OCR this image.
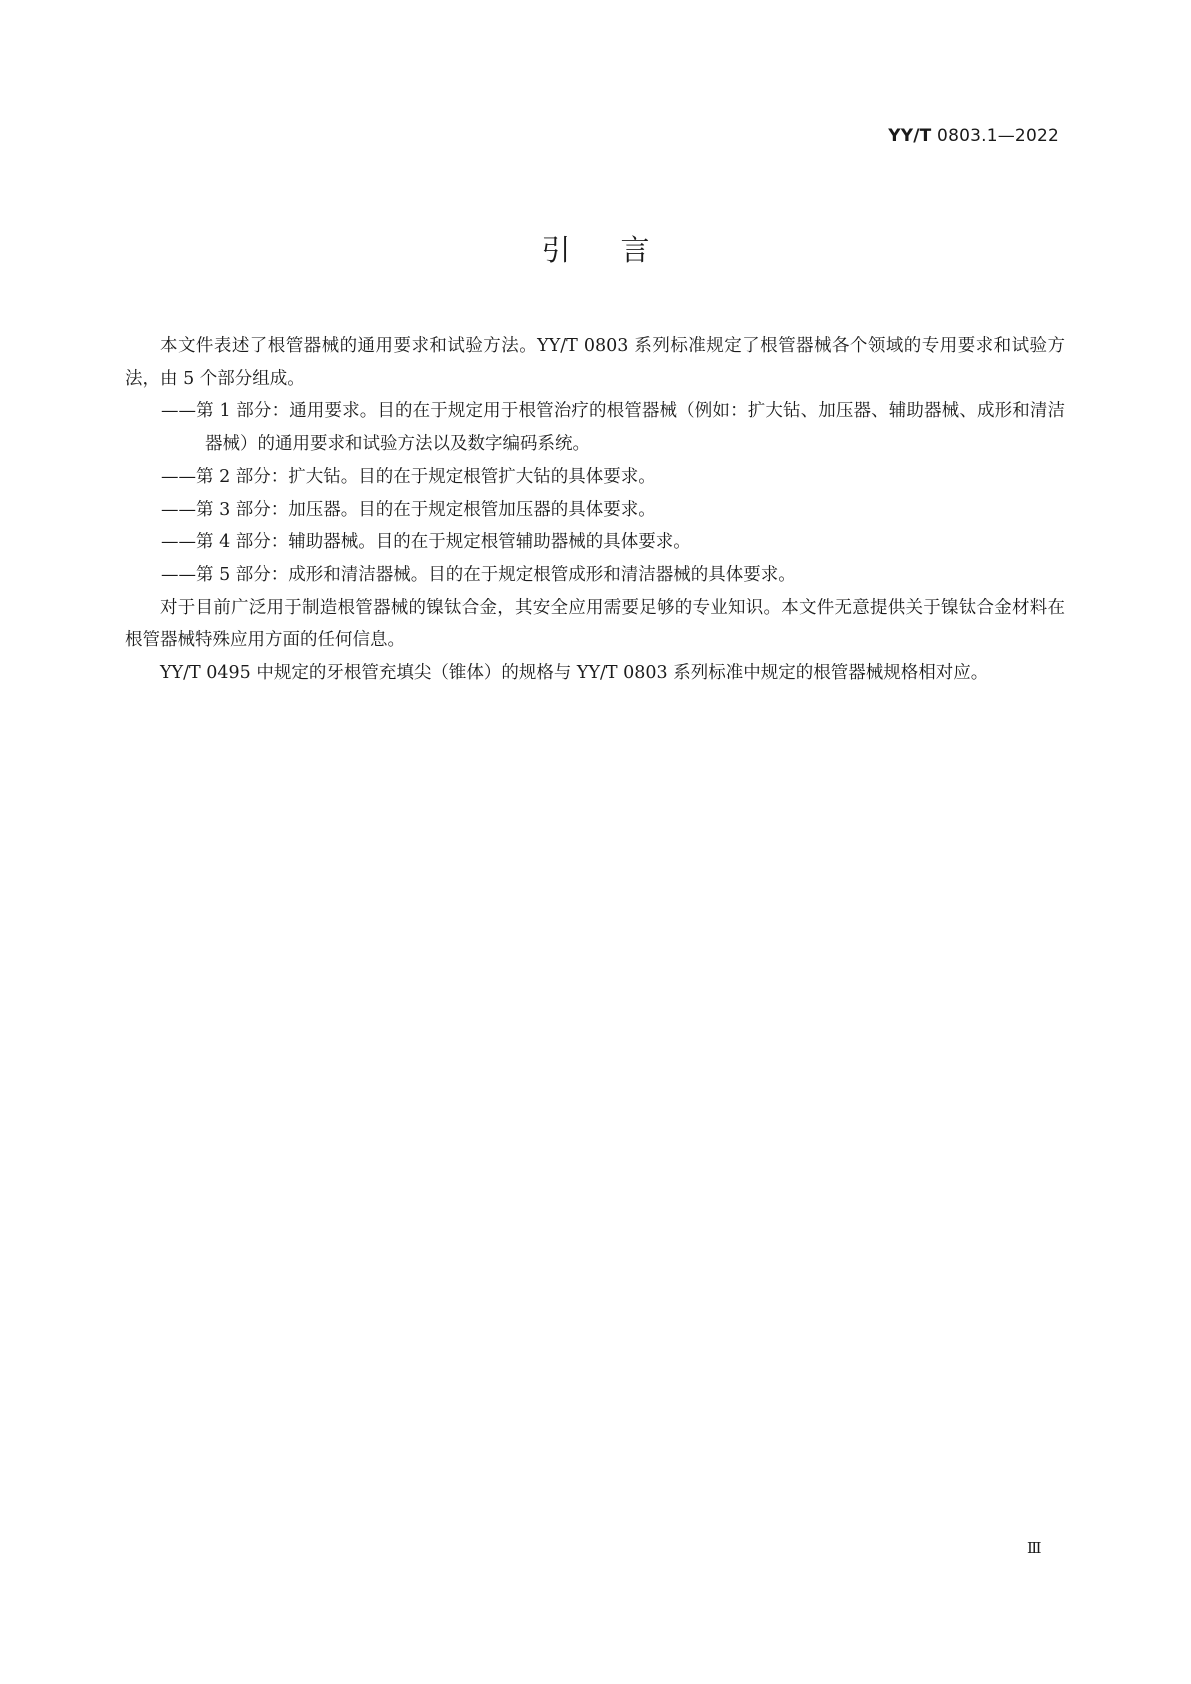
YY/T 0803.1—2022
引言

本文件表述了根管器械的通用要求和试验方法。YY/T 0803 系列标准规定了根管器械各个领域的专用要求和试验方法，由 5 个部分组成。

——第 1 部分：通用要求。目的在于规定用于根管治疗的根管器械（例如：扩大钻、加压器、辅助器械、成形和清洁器械）的通用要求和试验方法以及数字编码系统。

——第 2 部分：扩大钻。目的在于规定根管扩大钻的具体要求。

——第 3 部分：加压器。目的在于规定根管加压器的具体要求。

——第 4 部分：辅助器械。目的在于规定根管辅助器械的具体要求。

——第 5 部分：成形和清洁器械。目的在于规定根管成形和清洁器械的具体要求。

对于目前广泛用于制造根管器械的镍钛合金，其安全应用需要足够的专业知识。本文件无意提供关于镍钛合金材料在根管器械特殊应用方面的任何信息。

YY/T 0495 中规定的牙根管充填尖（锥体）的规格与 YY/T 0803 系列标准中规定的根管器械规格相对应。

Ⅲ
